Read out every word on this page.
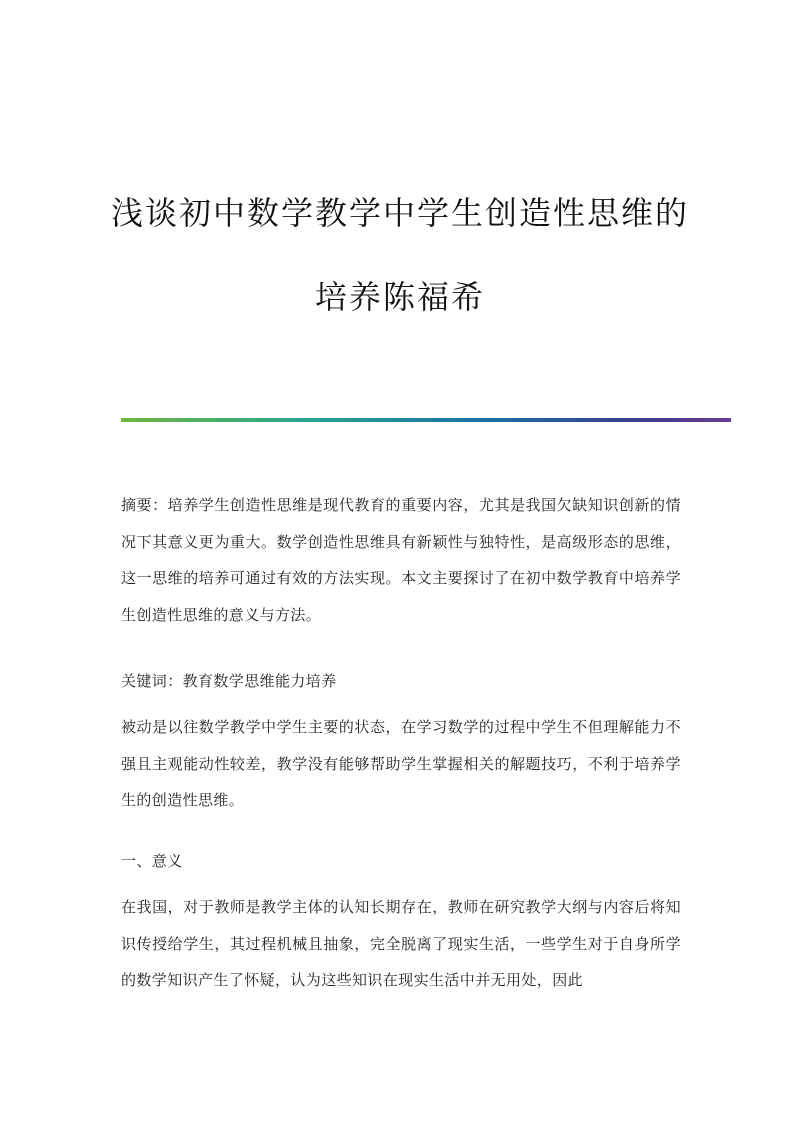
浅谈初中数学教学中学生创造性思维的
培养陈福希

摘要：培养学生创造性思维是现代教育的重要内容，尤其是我国欠缺知识创新的情况下其意义更为重大。数学创造性思维具有新颖性与独特性，是高级形态的思维，这一思维的培养可通过有效的方法实现。本文主要探讨了在初中数学教育中培养学生创造性思维的意义与方法。

关键词：教育数学思维能力培养

被动是以往数学教学中学生主要的状态，在学习数学的过程中学生不但理解能力不强且主观能动性较差，教学没有能够帮助学生掌握相关的解题技巧，不利于培养学生的创造性思维。

一、意义

在我国，对于教师是教学主体的认知长期存在，教师在研究教学大纲与内容后将知识传授给学生，其过程机械且抽象，完全脱离了现实生活，一些学生对于自身所学的数学知识产生了怀疑，认为这些知识在现实生活中并无用处，因此
